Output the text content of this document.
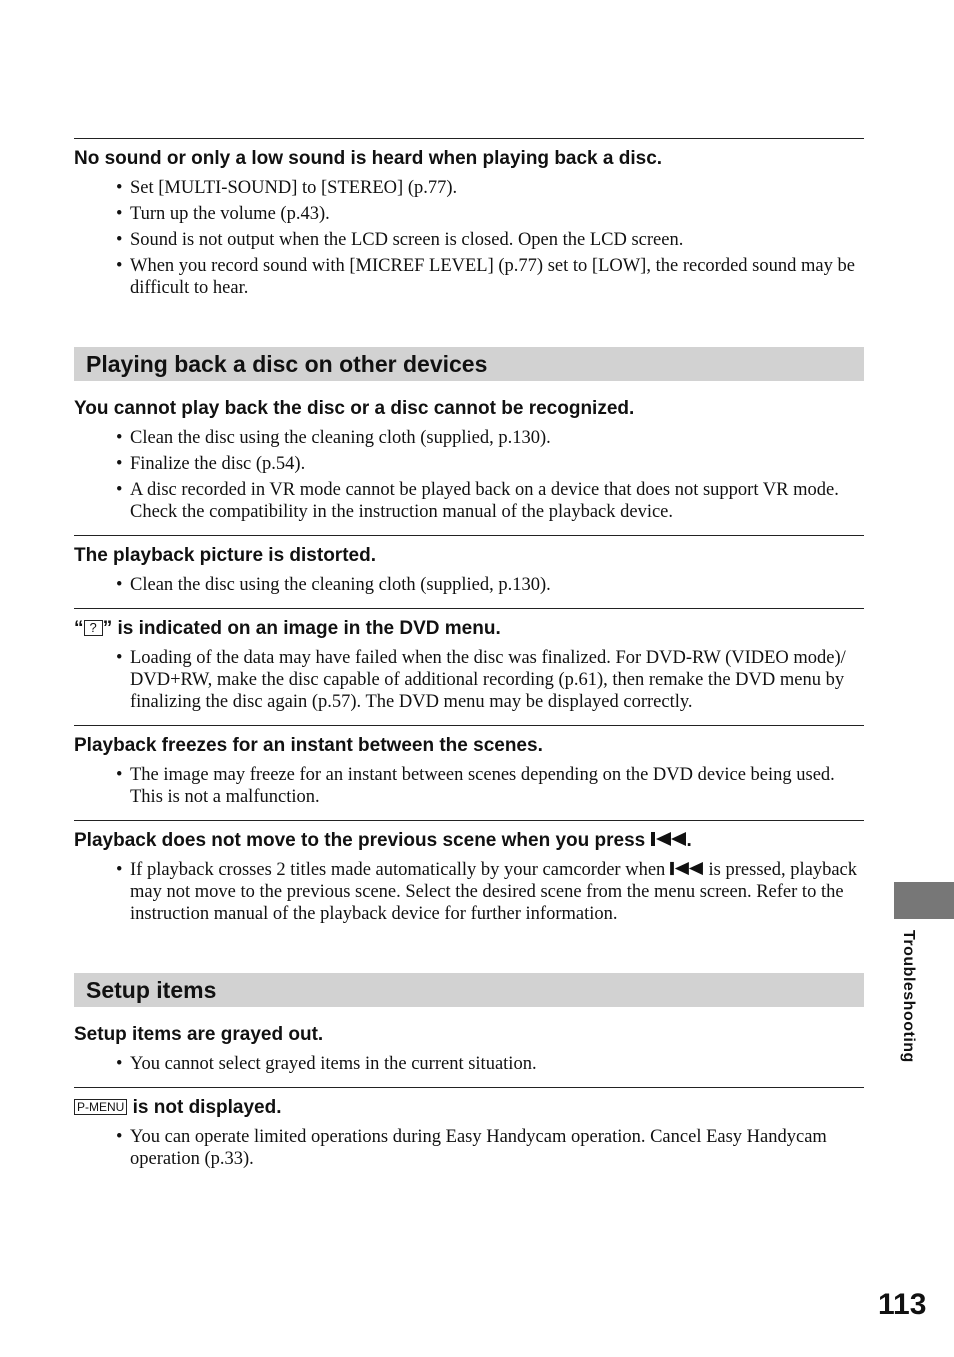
No sound or only a low sound is heard when playing back a disc.
• Set [MULTI-SOUND] to [STEREO] (p.77).
• Turn up the volume (p.43).
• Sound is not output when the LCD screen is closed. Open the LCD screen.
• When you record sound with [MICREF LEVEL] (p.77) set to [LOW], the recorded sound may be difficult to hear.
Playing back a disc on other devices
You cannot play back the disc or a disc cannot be recognized.
• Clean the disc using the cleaning cloth (supplied, p.130).
• Finalize the disc (p.54).
• A disc recorded in VR mode cannot be played back on a device that does not support VR mode. Check the compatibility in the instruction manual of the playback device.
The playback picture is distorted.
• Clean the disc using the cleaning cloth (supplied, p.130).
“ ? ” is indicated on an image in the DVD menu.
• Loading of the data may have failed when the disc was finalized. For DVD-RW (VIDEO mode)/ DVD+RW, make the disc capable of additional recording (p.61), then remake the DVD menu by finalizing the disc again (p.57). The DVD menu may be displayed correctly.
Playback freezes for an instant between the scenes.
• The image may freeze for an instant between scenes depending on the DVD device being used. This is not a malfunction.
Playback does not move to the previous scene when you press .
• If playback crosses 2 titles made automatically by your camcorder when is pressed, playback may not move to the previous scene. Select the desired scene from the menu screen. Refer to the instruction manual of the playback device for further information.
Setup items
Setup items are grayed out.
• You cannot select grayed items in the current situation.
P-MENU is not displayed.
• You can operate limited operations during Easy Handycam operation. Cancel Easy Handycam operation (p.33).
Troubleshooting
113
